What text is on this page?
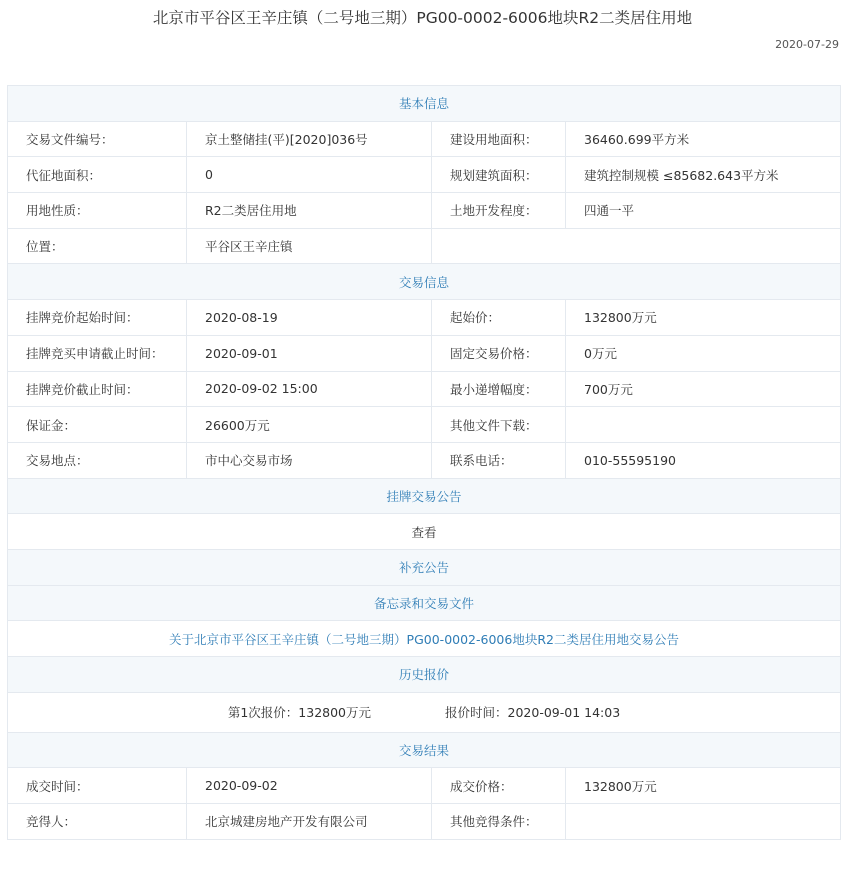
北京市平谷区王辛庄镇（二号地三期）PG00-0002-6006地块R2二类居住用地
2020-07-29
基本信息			
交易文件编号：	京土整储挂(平)[2020]036号	建设用地面积：	36460.699平方米
代征地面积：	0	规划建筑面积：	建筑控制规模 ≤85682.643平方米
用地性质：	R2二类居住用地	土地开发程度：	四通一平
位置：	平谷区王辛庄镇		
交易信息			
挂牌竞价起始时间：	2020-08-19	起始价：	132800万元
挂牌竞买申请截止时间：	2020-09-01	固定交易价格：	0万元
挂牌竞价截止时间：	2020-09-02 15:00	最小递增幅度：	700万元
保证金：	26600万元	其他文件下载：	
交易地点：	市中心交易市场	联系电话：	010-55595190
挂牌交易公告			
查看			
补充公告			
备忘录和交易文件			
关于北京市平谷区王辛庄镇（二号地三期）PG00-0002-6006地块R2二类居住用地交易公告			
历史报价			
第1次报价：132800万元 报价时间：2020-09-01 14:03			
交易结果			
成交时间：	2020-09-02	成交价格：	132800万元
竞得人：	北京城建房地产开发有限公司	其他竞得条件：	
